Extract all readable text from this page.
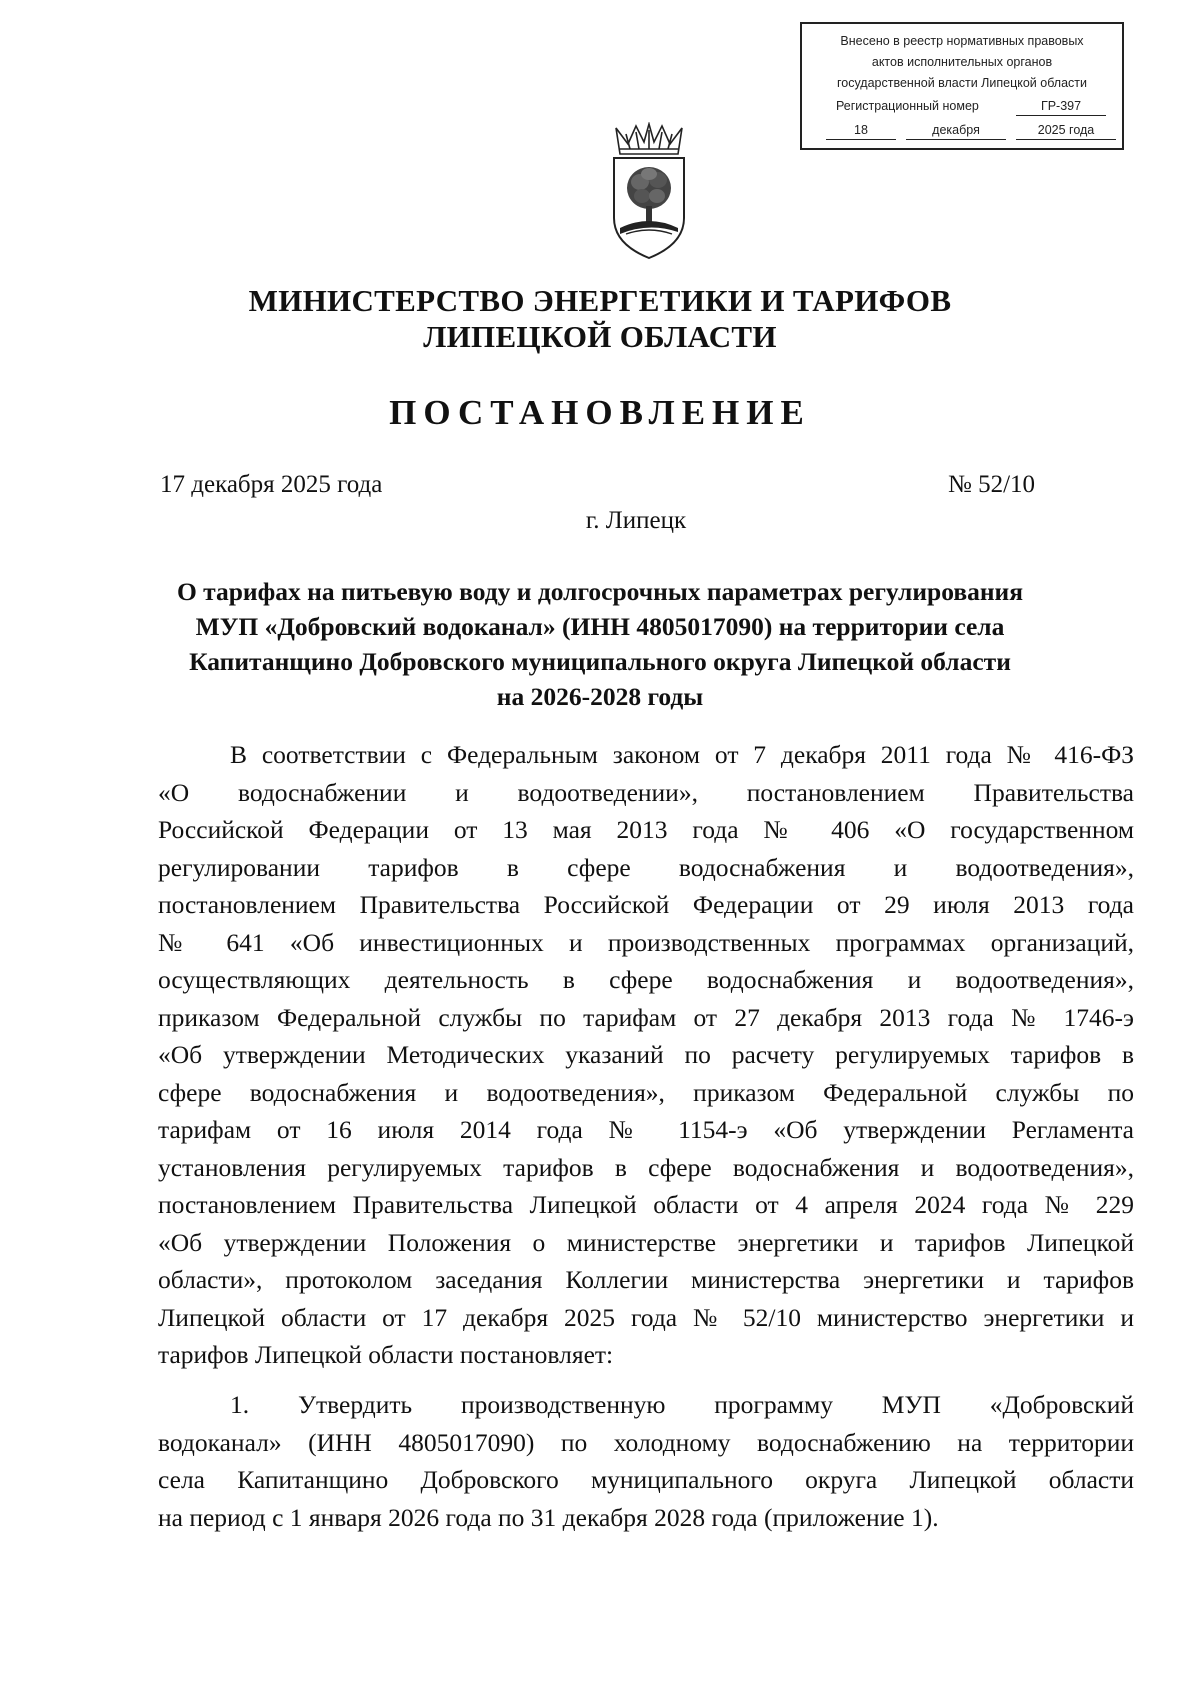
Внесено в реестр нормативных правовых
актов исполнительных органов
государственной власти Липецкой области
Регистрационный номер	ГР-397
18	декабря	2025 года
МИНИСТЕРСТВО ЭНЕРГЕТИКИ И ТАРИФОВ
ЛИПЕЦКОЙ ОБЛАСТИ
ПОСТАНОВЛЕНИЕ
17 декабря 2025 года	№ 52/10
г. Липецк
О тарифах на питьевую воду и долгосрочных параметрах регулирования
МУП «Добровский водоканал» (ИНН 4805017090) на территории села
Капитанщино Добровского муниципального округа Липецкой области
на 2026-2028 годы
В соответствии с Федеральным законом от 7 декабря 2011 года № 416-ФЗ
«О водоснабжении и водоотведении», постановлением Правительства
Российской Федерации от 13 мая 2013 года № 406 «О государственном
регулировании тарифов в сфере водоснабжения и водоотведения»,
постановлением Правительства Российской Федерации от 29 июля 2013 года
№ 641 «Об инвестиционных и производственных программах организаций,
осуществляющих деятельность в сфере водоснабжения и водоотведения»,
приказом Федеральной службы по тарифам от 27 декабря 2013 года № 1746-э
«Об утверждении Методических указаний по расчету регулируемых тарифов в
сфере водоснабжения и водоотведения», приказом Федеральной службы по
тарифам от 16 июля 2014 года № 1154-э «Об утверждении Регламента
установления регулируемых тарифов в сфере водоснабжения и водоотведения»,
постановлением Правительства Липецкой области от 4 апреля 2024 года № 229
«Об утверждении Положения о министерстве энергетики и тарифов Липецкой
области», протоколом заседания Коллегии министерства энергетики и тарифов
Липецкой области от 17 декабря 2025 года № 52/10 министерство энергетики и
тарифов Липецкой области постановляет:
1. Утвердить производственную программу МУП «Добровский
водоканал» (ИНН 4805017090) по холодному водоснабжению на территории
села Капитанщино Добровского муниципального округа Липецкой области
на период с 1 января 2026 года по 31 декабря 2028 года (приложение 1).
